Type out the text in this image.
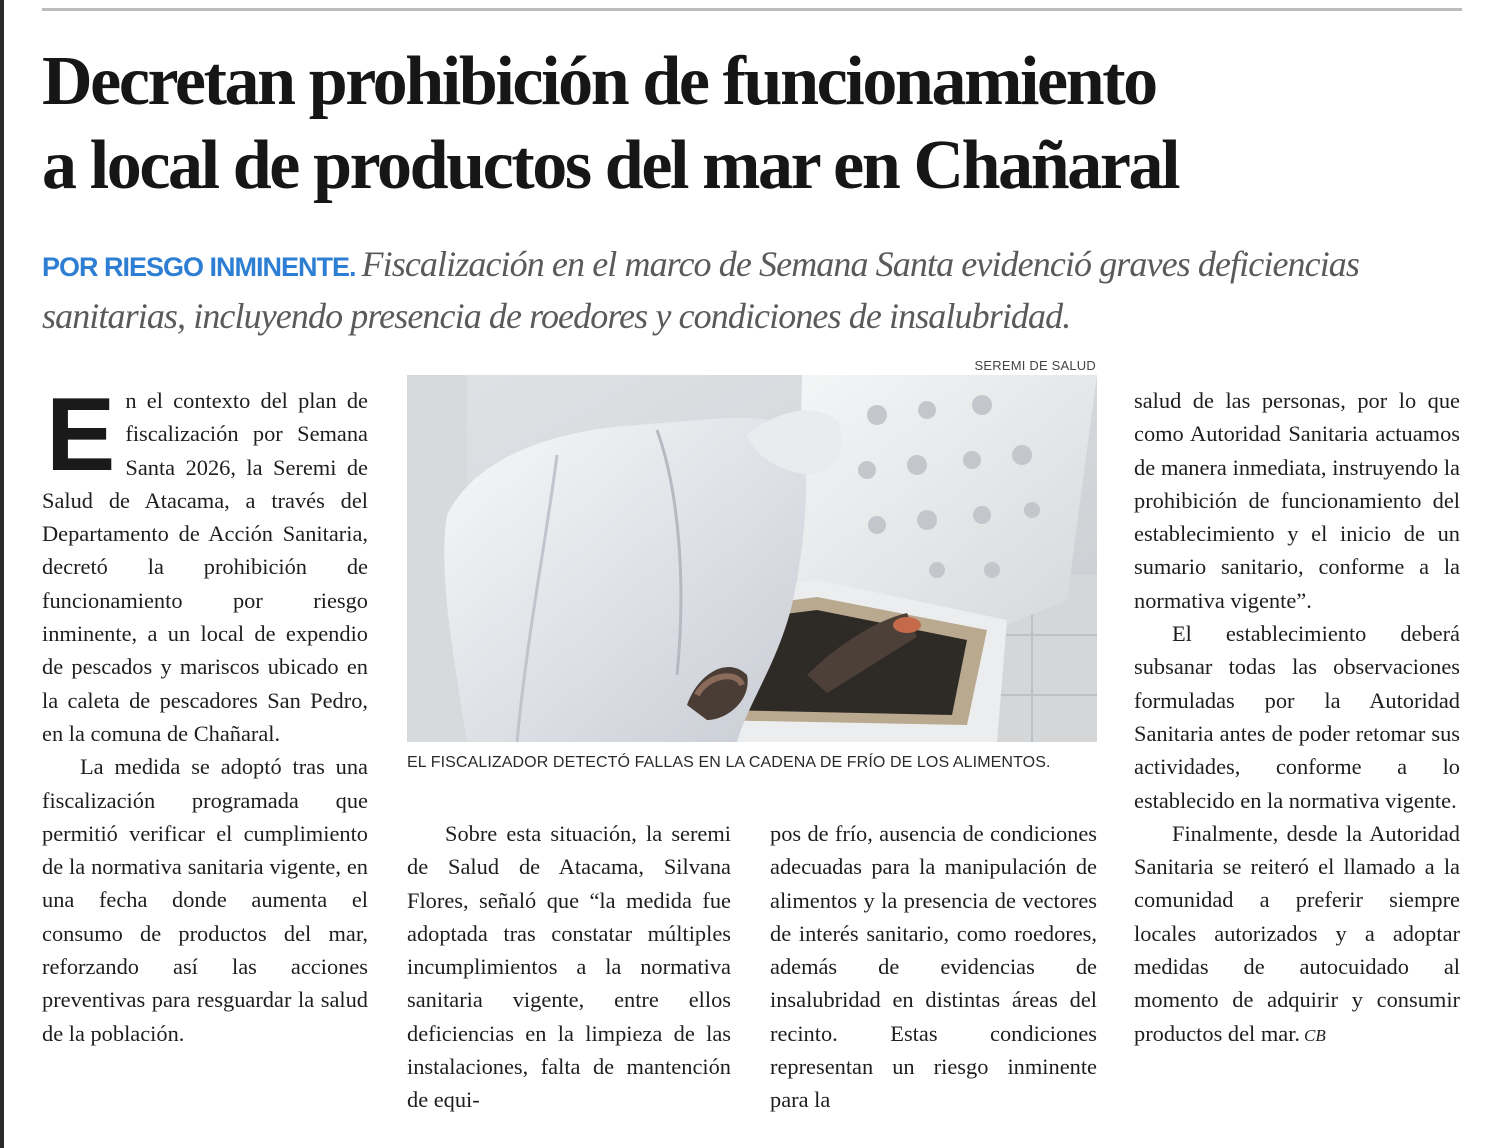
Decretan prohibición de funcionamiento
a local de productos del mar en Chañaral
POR RIESGO INMINENTE. Fiscalización en el marco de Semana Santa evidenció graves deficiencias sanitarias, incluyendo presencia de roedores y condiciones de insalubridad.
SEREMI DE SALUD
EL FISCALIZADOR DETECTÓ FALLAS EN LA CADENA DE FRÍO DE LOS ALIMENTOS.

En el contexto del plan de fiscalización por Semana Santa 2026, la Seremi de Salud de Atacama, a través del Departamento de Acción Sanitaria, decretó la prohibición de funcionamiento por riesgo inminente, a un local de expendio de pescados y mariscos ubicado en la caleta de pescadores San Pedro, en la comuna de Chañaral.

La medida se adoptó tras una fiscalización programada que permitió verificar el cumplimiento de la normativa sanitaria vigente, en una fecha donde aumenta el consumo de productos del mar, reforzando así las acciones preventivas para resguardar la salud de la población.

Sobre esta situación, la seremi de Salud de Atacama, Silvana Flores, señaló que “la medida fue adoptada tras constatar múltiples incumplimientos a la normativa sanitaria vigente, entre ellos deficiencias en la limpieza de las instalaciones, falta de mantención de equi-

pos de frío, ausencia de condiciones adecuadas para la manipulación de alimentos y la presencia de vectores de interés sanitario, como roedores, además de evidencias de insalubridad en distintas áreas del recinto. Estas condiciones representan un riesgo inminente para la

salud de las personas, por lo que como Autoridad Sanitaria actuamos de manera inmediata, instruyendo la prohibición de funcionamiento del establecimiento y el inicio de un sumario sanitario, conforme a la normativa vigente”.

El establecimiento deberá subsanar todas las observaciones formuladas por la Autoridad Sanitaria antes de poder retomar sus actividades, conforme a lo establecido en la normativa vigente.

Finalmente, desde la Autoridad Sanitaria se reiteró el llamado a la comunidad a preferir siempre locales autorizados y a adoptar medidas de autocuidado al momento de adquirir y consumir productos del mar. CB
